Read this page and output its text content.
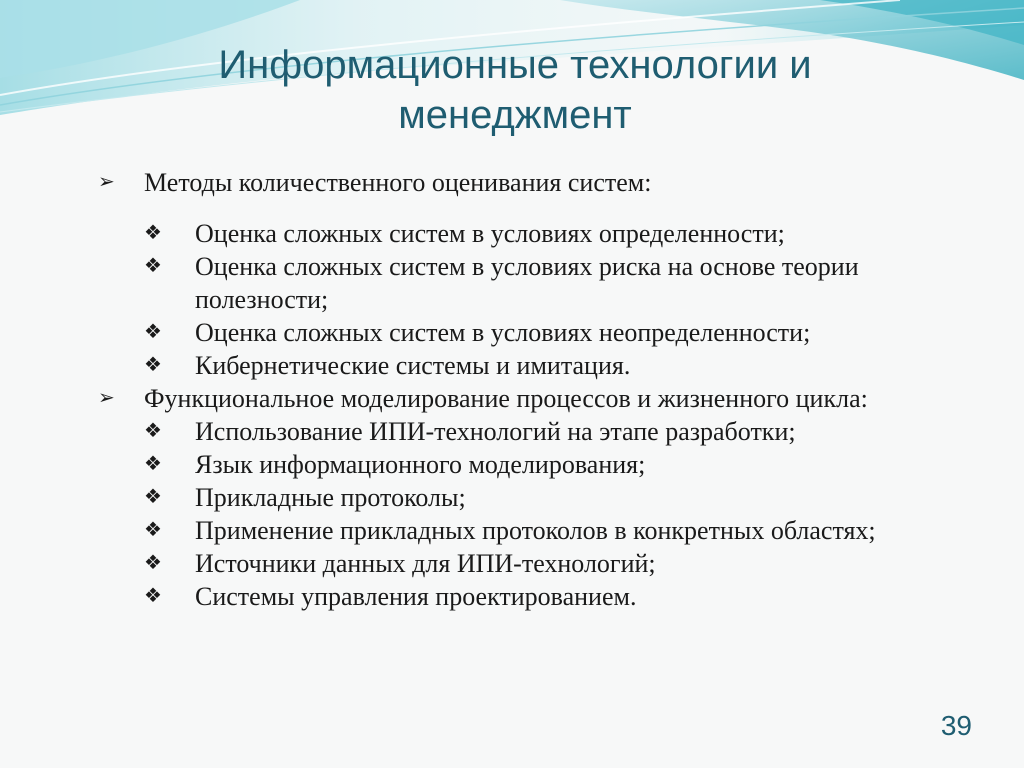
Информационные технологии и менеджмент
➢ Методы количественного оценивания систем:
❖ Оценка сложных систем в условиях определенности;
❖ Оценка сложных систем в условиях риска на основе теории полезности;
❖ Оценка сложных систем в условиях неопределенности;
❖ Кибернетические системы и имитация.
➢ Функциональное моделирование процессов и жизненного цикла:
❖ Использование ИПИ-технологий на этапе разработки;
❖ Язык информационного моделирования;
❖ Прикладные протоколы;
❖ Применение прикладных протоколов в конкретных областях;
❖ Источники данных для ИПИ-технологий;
❖ Системы управления проектированием.
39
